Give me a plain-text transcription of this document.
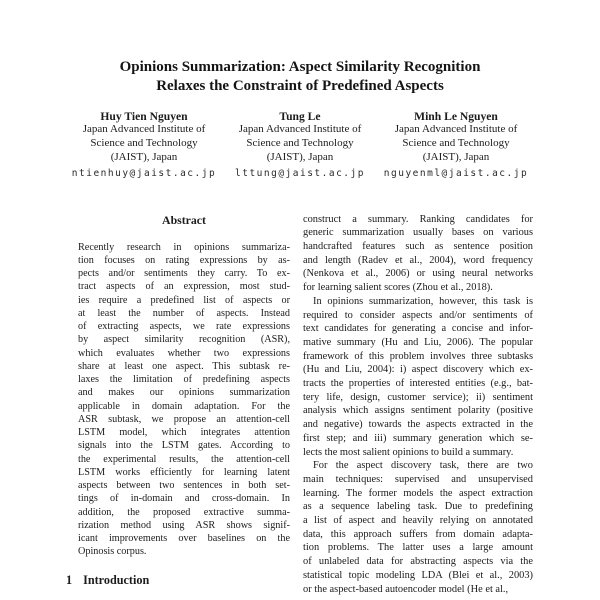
Opinions Summarization: Aspect Similarity Recognition
Relaxes the Constraint of Predefined Aspects
Huy Tien Nguyen
Japan Advanced Institute of
Science and Technology
(JAIST), Japan
ntienhuy@jaist.ac.jp
Tung Le
Japan Advanced Institute of
Science and Technology
(JAIST), Japan
lttung@jaist.ac.jp
Minh Le Nguyen
Japan Advanced Institute of
Science and Technology
(JAIST), Japan
nguyenml@jaist.ac.jp
Abstract
Recently research in opinions summariza-
tion focuses on rating expressions by as-
pects and/or sentiments they carry. To ex-
tract aspects of an expression, most stud-
ies require a predefined list of aspects or
at least the number of aspects. Instead
of extracting aspects, we rate expressions
by aspect similarity recognition (ASR),
which evaluates whether two expressions
share at least one aspect. This subtask re-
laxes the limitation of predefining aspects
and makes our opinions summarization
applicable in domain adaptation. For the
ASR subtask, we propose an attention-cell
LSTM model, which integrates attention
signals into the LSTM gates. According to
the experimental results, the attention-cell
LSTM works efficiently for learning latent
aspects between two sentences in both set-
tings of in-domain and cross-domain. In
addition, the proposed extractive summa-
rization method using ASR shows signif-
icant improvements over baselines on the
Opinosis corpus.
1 Introduction
construct a summary. Ranking candidates for
generic summarization usually bases on various
handcrafted features such as sentence position
and length (Radev et al., 2004), word frequency
(Nenkova et al., 2006) or using neural networks
for learning salient scores (Zhou et al., 2018).
In opinions summarization, however, this task is
required to consider aspects and/or sentiments of
text candidates for generating a concise and infor-
mative summary (Hu and Liu, 2006). The popular
framework of this problem involves three subtasks
(Hu and Liu, 2004): i) aspect discovery which ex-
tracts the properties of interested entities (e.g., bat-
tery life, design, customer service); ii) sentiment
analysis which assigns sentiment polarity (positive
and negative) towards the aspects extracted in the
first step; and iii) summary generation which se-
lects the most salient opinions to build a summary.
For the aspect discovery task, there are two
main techniques: supervised and unsupervised
learning. The former models the aspect extraction
as a sequence labeling task. Due to predefining
a list of aspect and heavily relying on annotated
data, this approach suffers from domain adapta-
tion problems. The latter uses a large amount
of unlabeled data for abstracting aspects via the
statistical topic modeling LDA (Blei et al., 2003)
or the aspect-based autoencoder model (He et al.,
